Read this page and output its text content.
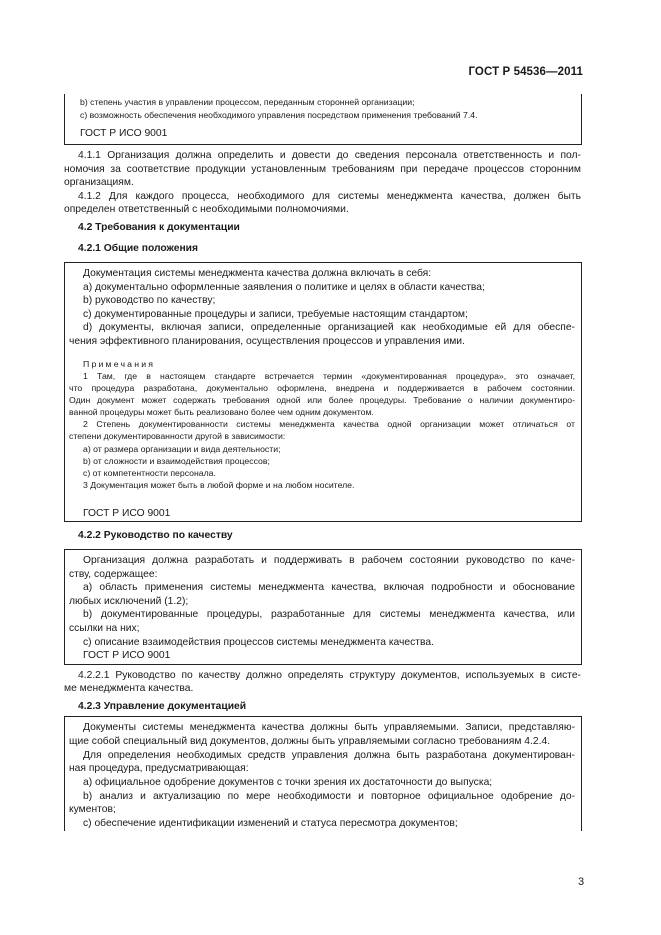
ГОСТ Р 54536—2011
b) степень участия в управлении процессом, переданным сторонней организации;
c) возможность обеспечения необходимого управления посредством применения требований 7.4.
ГОСТ Р ИСО 9001
4.1.1 Организация должна определить и довести до сведения персонала ответственность и пол-
номочия за соответствие продукции установленным требованиям при передаче процессов сторонним
организациям.
4.1.2 Для каждого процесса, необходимого для системы менеджмента качества, должен быть
определен ответственный с необходимыми полномочиями.
4.2 Требования к документации
4.2.1 Общие положения
Документация системы менеджмента качества должна включать в себя:
a) документально оформленные заявления о политике и целях в области качества;
b) руководство по качеству;
c) документированные процедуры и записи, требуемые настоящим стандартом;
d) документы, включая записи, определенные организацией как необходимые ей для обеспе-
чения эффективного планирования, осуществления процессов и управления ими.
Примечания
1 Там, где в настоящем стандарте встречается термин «документированная процедура», это означает,
что процедура разработана, документально оформлена, внедрена и поддерживается в рабочем состоянии.
Один документ может содержать требования одной или более процедуры. Требование о наличии документиро-
ванной процедуры может быть реализовано более чем одним документом.
2 Степень документированности системы менеджмента качества одной организации может отличаться от
степени документированности другой в зависимости:
a) от размера организации и вида деятельности;
b) от сложности и взаимодействия процессов;
c) от компетентности персонала.
3 Документация может быть в любой форме и на любом носителе.
ГОСТ Р ИСО 9001
4.2.2 Руководство по качеству
Организация должна разработать и поддерживать в рабочем состоянии руководство по каче-
ству, содержащее:
a) область применения системы менеджмента качества, включая подробности и обоснование
любых исключений (1.2);
b) документированные процедуры, разработанные для системы менеджмента качества, или
ссылки на них;
c) описание взаимодействия процессов системы менеджмента качества.
ГОСТ Р ИСО 9001
4.2.2.1 Руководство по качеству должно определять структуру документов, используемых в систе-
ме менеджмента качества.
4.2.3 Управление документацией
Документы системы менеджмента качества должны быть управляемыми. Записи, представляю-
щие собой специальный вид документов, должны быть управляемыми согласно требованиям 4.2.4.
Для определения необходимых средств управления должна быть разработана документирован-
ная процедура, предусматривающая:
a) официальное одобрение документов с точки зрения их достаточности до выпуска;
b) анализ и актуализацию по мере необходимости и повторное официальное одобрение до-
кументов;
c) обеспечение идентификации изменений и статуса пересмотра документов;
3
